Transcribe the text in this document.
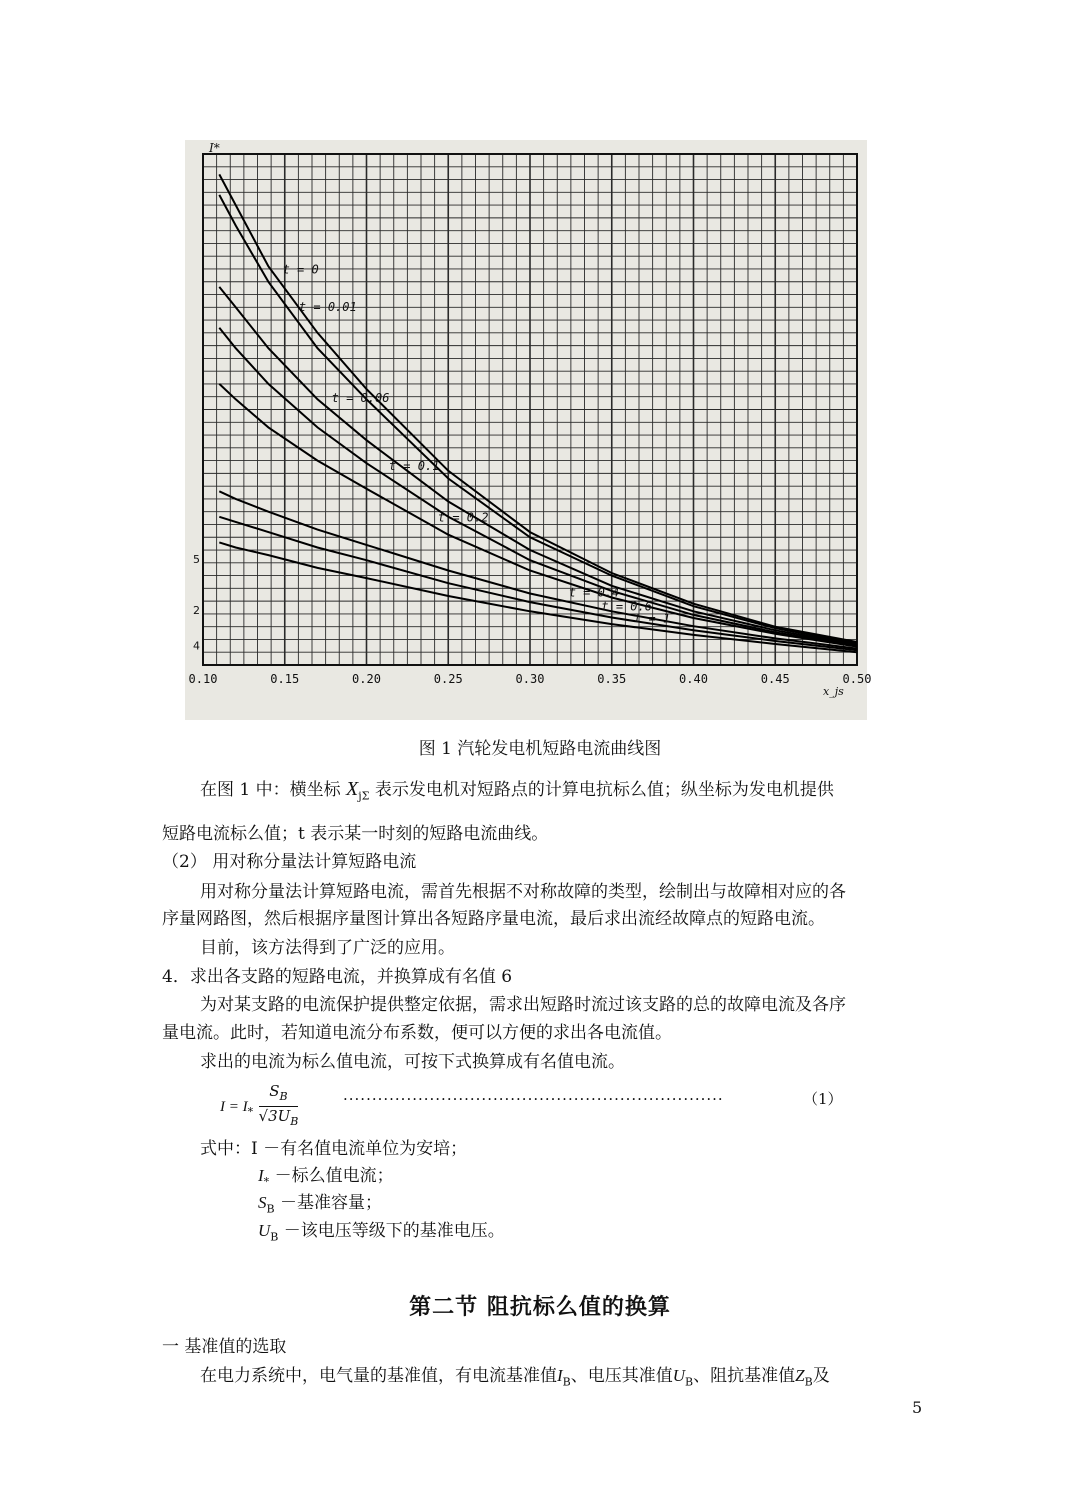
0.10	0.15	0.20	0.25	0.30	0.35	0.40	0.45	0.50
5
2
4
I*
x_js
t = 0
t = 0.01
t = 0.06
t = 0.1
t = 0.2
t = 0.4
t = 0.6
t = 1
图 1 汽轮发电机短路电流曲线图
在图 1 中：横坐标 $X_{j\Sigma}$ 表示发电机对短路点的计算电抗标么值；纵坐标为发电机提供
短路电流标么值；t 表示某一时刻的短路电流曲线。
（2） 用对称分量法计算短路电流
用对称分量法计算短路电流，需首先根据不对称故障的类型，绘制出与故障相对应的各
序量网路图，然后根据序量图计算出各短路序量电流，最后求出流经故障点的短路电流。
目前，该方法得到了广泛的应用。
4．求出各支路的短路电流，并换算成有名值 6
为对某支路的电流保护提供整定依据，需求出短路时流过该支路的总的故障电流及各序
量电流。此时，若知道电流分布系数，便可以方便的求出各电流值。
求出的电流为标么值电流，可按下式换算成有名值电流。
$I = I_* \frac{S_B}{√3U_B}$	··································································	（1）
式中：I －有名值电流单位为安培；
$I_*$ －标么值电流；
$S_B$ －基准容量；
$U_B$ －该电压等级下的基准电压。
第二节 阻抗标么值的换算
一 基准值的选取
在电力系统中，电气量的基准值，有电流基准值$I_B$、电压其准值$U_B$、阻抗基准值$Z_B$及
5
